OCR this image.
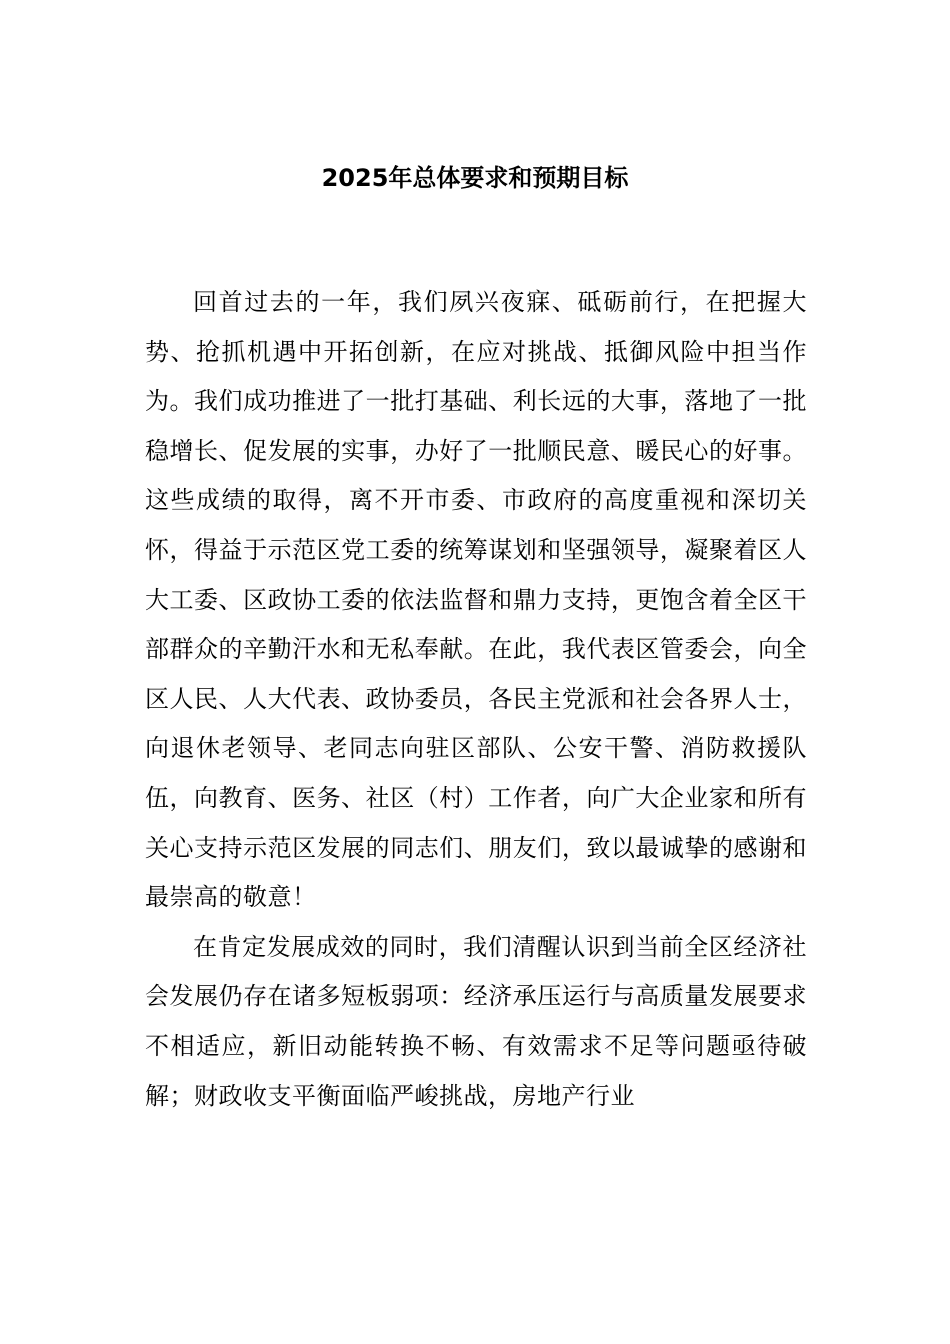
2025年总体要求和预期目标

回首过去的一年，我们夙兴夜寐、砥砺前行，在把握大势、抢抓机遇中开拓创新，在应对挑战、抵御风险中担当作为。我们成功推进了一批打基础、利长远的大事，落地了一批稳增长、促发展的实事，办好了一批顺民意、暖民心的好事。这些成绩的取得，离不开市委、市政府的高度重视和深切关怀，得益于示范区党工委的统筹谋划和坚强领导，凝聚着区人大工委、区政协工委的依法监督和鼎力支持，更饱含着全区干部群众的辛勤汗水和无私奉献。在此，我代表区管委会，向全区人民、人大代表、政协委员，各民主党派和社会各界人士，向退休老领导、老同志向驻区部队、公安干警、消防救援队伍，向教育、医务、社区（村）工作者，向广大企业家和所有关心支持示范区发展的同志们、朋友们，致以最诚挚的感谢和最崇高的敬意！

在肯定发展成效的同时，我们清醒认识到当前全区经济社会发展仍存在诸多短板弱项：经济承压运行与高质量发展要求不相适应，新旧动能转换不畅、有效需求不足等问题亟待破解；财政收支平衡面临严峻挑战，房地产行业
